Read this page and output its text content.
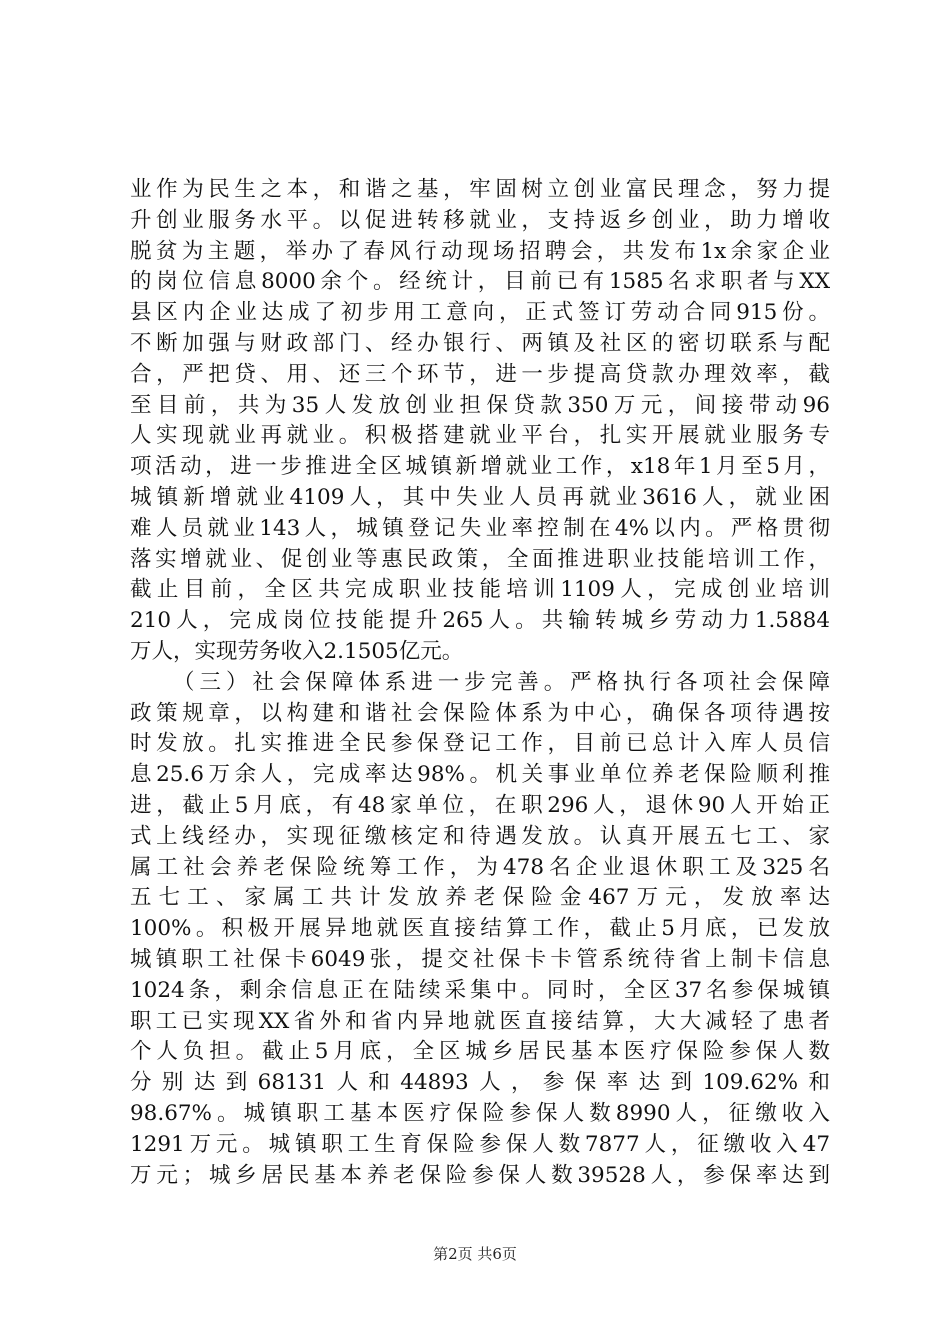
业作为民生之本，和谐之基，牢固树立创业富民理念，努力提
升创业服务水平。以促进转移就业，支持返乡创业，助力增收
脱贫为主题，举办了春风行动现场招聘会，共发布1x余家企业
的岗位信息8000余个。经统计，目前已有1585名求职者与XX
县区内企业达成了初步用工意向，正式签订劳动合同915份。
不断加强与财政部门、经办银行、两镇及社区的密切联系与配
合，严把贷、用、还三个环节，进一步提高贷款办理效率，截
至目前，共为35人发放创业担保贷款350万元，间接带动96
人实现就业再就业。积极搭建就业平台，扎实开展就业服务专
项活动，进一步推进全区城镇新增就业工作，x18年1月至5月，
城镇新增就业4109人，其中失业人员再就业3616人，就业困
难人员就业143人，城镇登记失业率控制在4%以内。严格贯彻
落实增就业、促创业等惠民政策，全面推进职业技能培训工作，
截止目前，全区共完成职业技能培训1109人，完成创业培训
210人，完成岗位技能提升265人。共输转城乡劳动力1.5884
万人，实现劳务收入2.1505亿元。
（三）社会保障体系进一步完善。严格执行各项社会保障
政策规章，以构建和谐社会保险体系为中心，确保各项待遇按
时发放。扎实推进全民参保登记工作，目前已总计入库人员信
息25.6万余人，完成率达98%。机关事业单位养老保险顺利推
进，截止5月底，有48家单位，在职296人，退休90人开始正
式上线经办，实现征缴核定和待遇发放。认真开展五七工、家
属工社会养老保险统筹工作，为478名企业退休职工及325名
五七工、家属工共计发放养老保险金467万元，发放率达
100%。积极开展异地就医直接结算工作，截止5月底，已发放
城镇职工社保卡6049张，提交社保卡卡管系统待省上制卡信息
1024条，剩余信息正在陆续采集中。同时，全区37名参保城镇
职工已实现XX省外和省内异地就医直接结算，大大减轻了患者
个人负担。截止5月底，全区城乡居民基本医疗保险参保人数
分别达到68131人和44893人，参保率达到109.62%和
98.67%。城镇职工基本医疗保险参保人数8990人，征缴收入
1291万元。城镇职工生育保险参保人数7877人，征缴收入47
万元；城乡居民基本养老保险参保人数39528人，参保率达到
第2页 共6页
